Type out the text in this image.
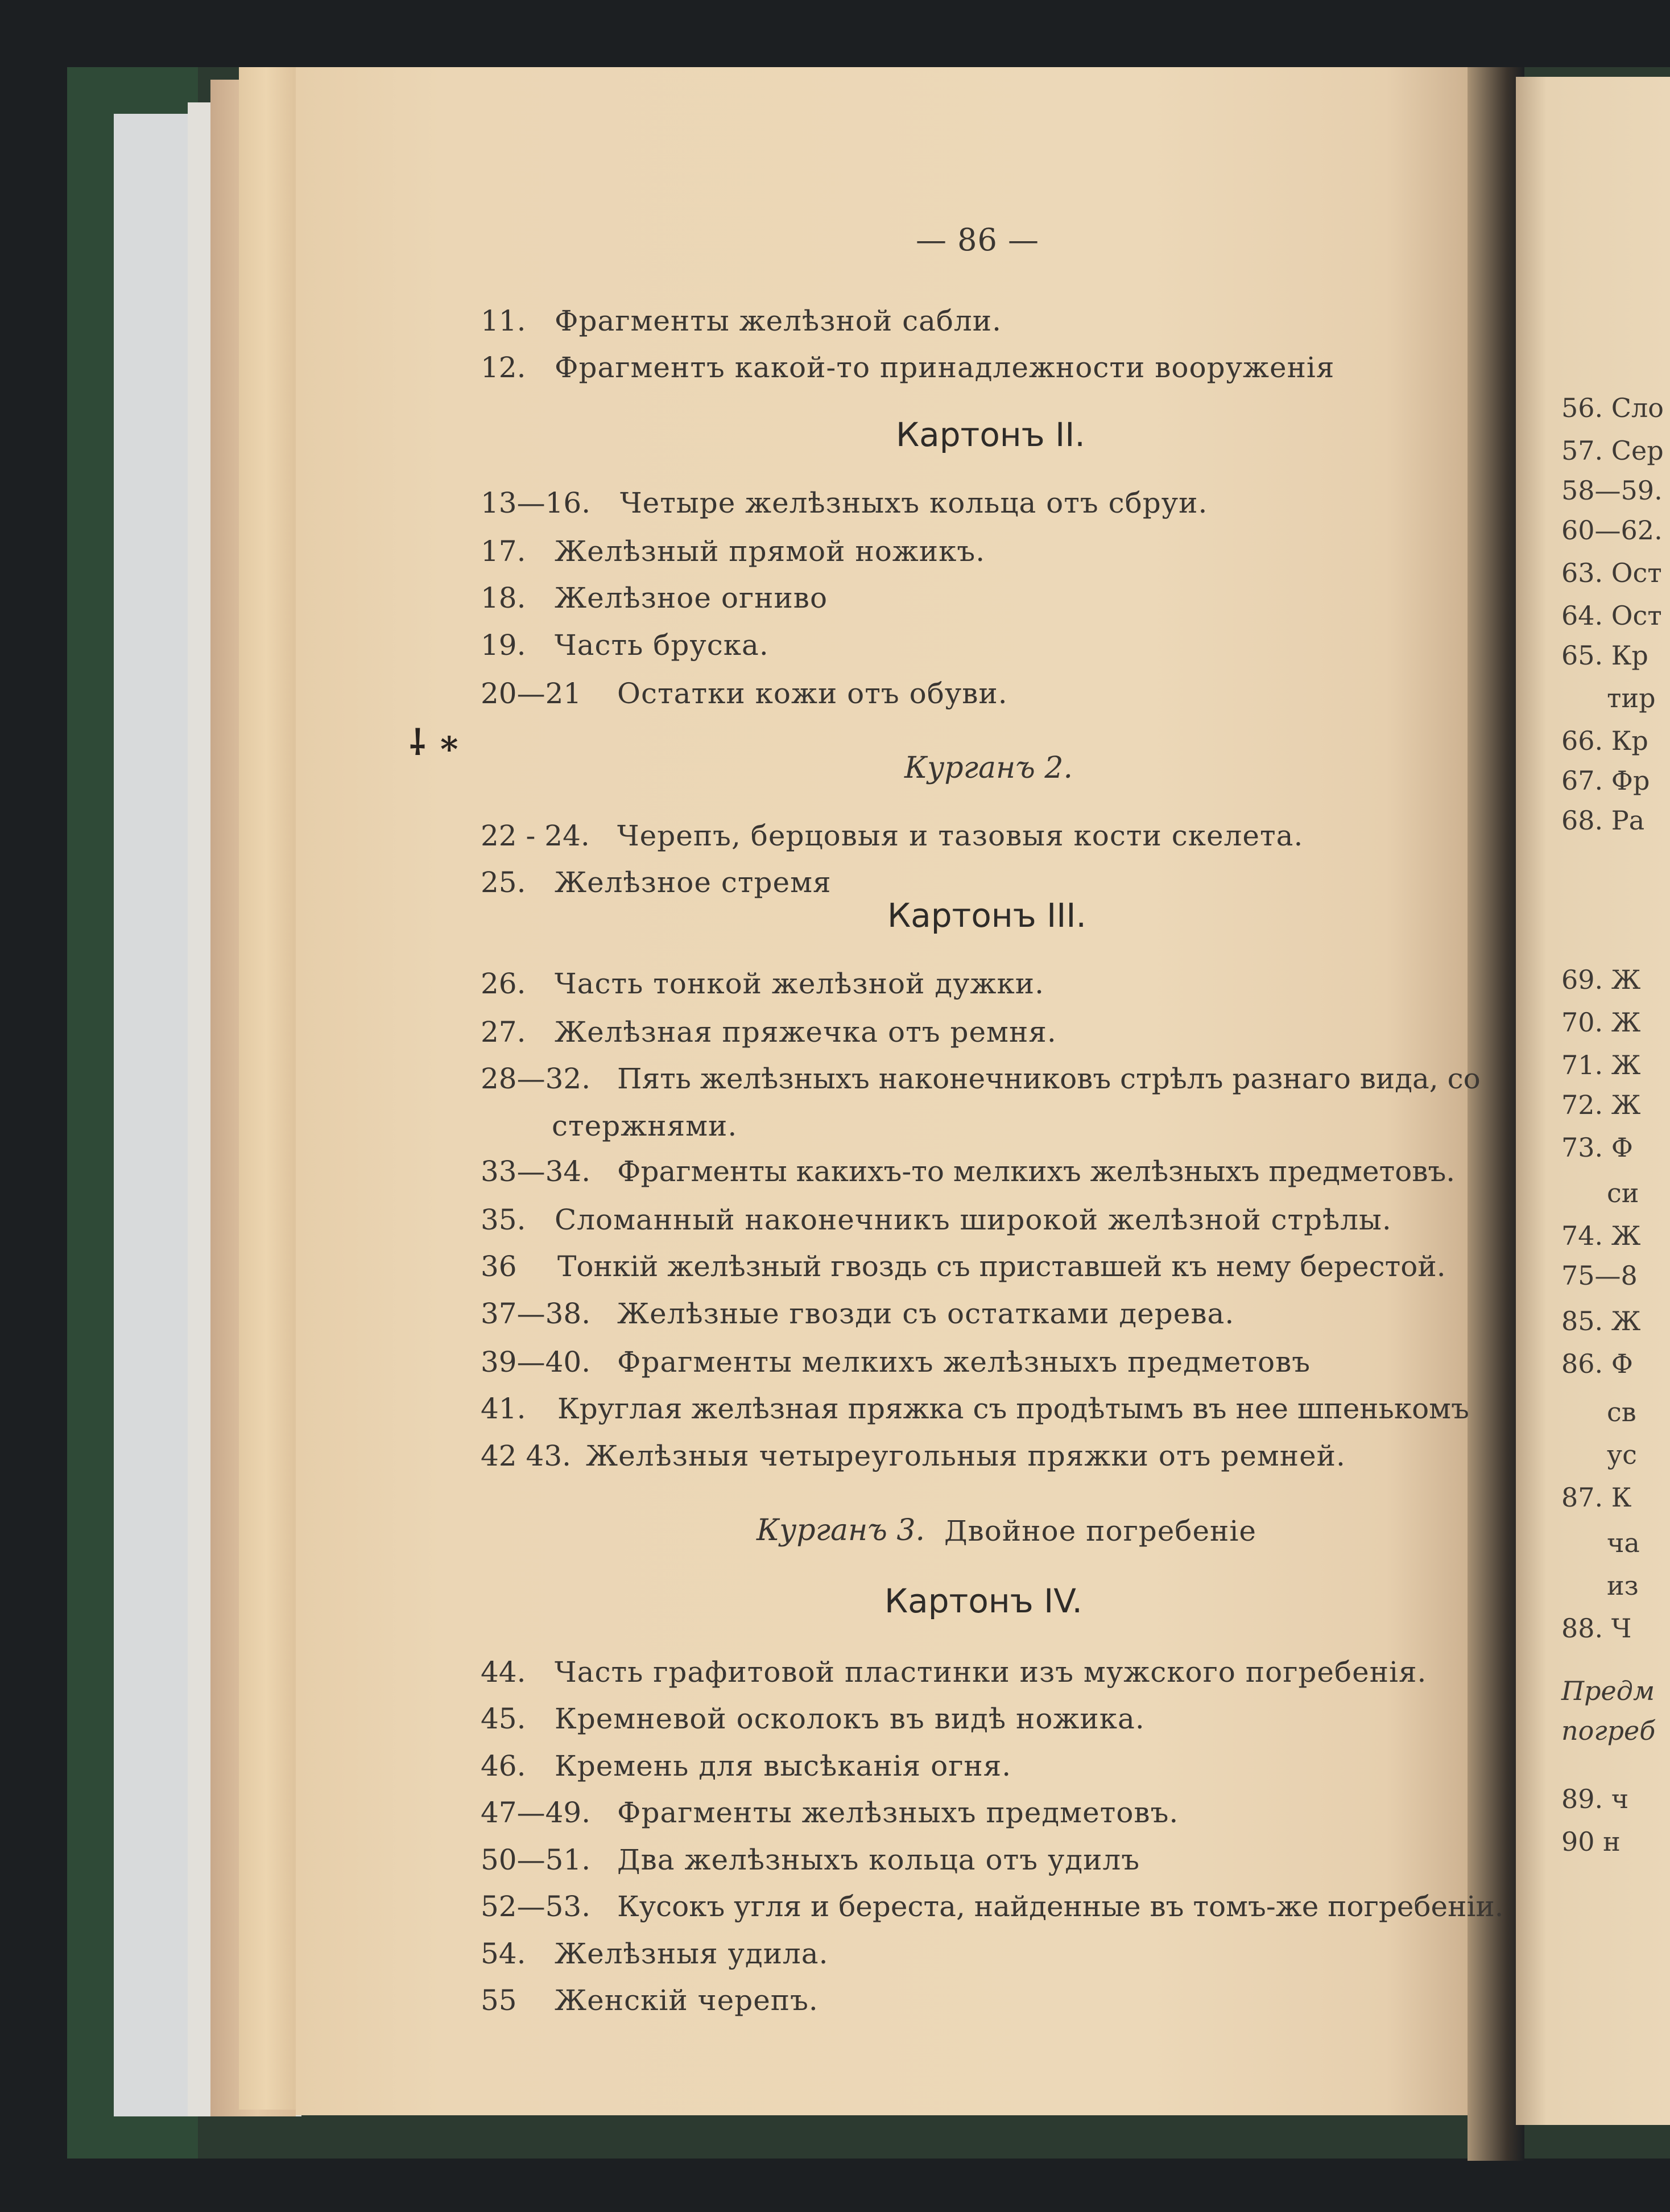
— 86 —
11. Фрагменты желѣзной сабли.
12. Фрагментъ какой-то принадлежности вооруженія
Картонъ II.
13—16. Четыре желѣзныхъ кольца отъ сбруи.
17. Желѣзный прямой ножикъ.
18. Желѣзное огниво
19. Часть бруска.
20—21 Остатки кожи отъ обуви.
⸸ ∗
Курганъ 2.
22 - 24. Черепъ, берцовыя и тазовыя кости скелета.
25. Желѣзное стремя
Картонъ III.
26. Часть тонкой желѣзной дужки.
27. Желѣзная пряжечка отъ ремня.
28—32. Пять желѣзныхъ наконечниковъ стрѣлъ разнаго вида, со
стержнями.
33—34. Фрагменты какихъ-то мелкихъ желѣзныхъ предметовъ.
35. Сломанный наконечникъ широкой желѣзной стрѣлы.
36 Тонкій желѣзный гвоздь съ приставшей къ нему берестой.
37—38. Желѣзные гвозди съ остатками дерева.
39—40. Фрагменты мелкихъ желѣзныхъ предметовъ
41. Круглая желѣзная пряжка съ продѣтымъ въ нее шпенькомъ
42 43. Желѣзныя четыреугольныя пряжки отъ ремней.
Курганъ 3. Двойное погребеніе
Картонъ IV.
44. Часть графитовой пластинки изъ мужского погребенія.
45. Кремневой осколокъ въ видѣ ножика.
46. Кремень для высѣканія огня.
47—49. Фрагменты желѣзныхъ предметовъ.
50—51. Два желѣзныхъ кольца отъ удилъ
52—53. Кусокъ угля и береста, найденные въ томъ-же погребеніи.
54. Желѣзныя удила.
55 Женскій черепъ.
56. Сло
57. Сер
58—59.
60—62.
63. Ост
64. Ост
65. Кр
тир
66. Кр
67. Фр
68. Ра
69. Ж
70. Ж
71. Ж
72. Ж
73. Ф
си
74. Ж
75—8
85. Ж
86. Ф
св
ус
87. К
ча
из
88. Ч
Предм
погреб
89. ч
90 н
